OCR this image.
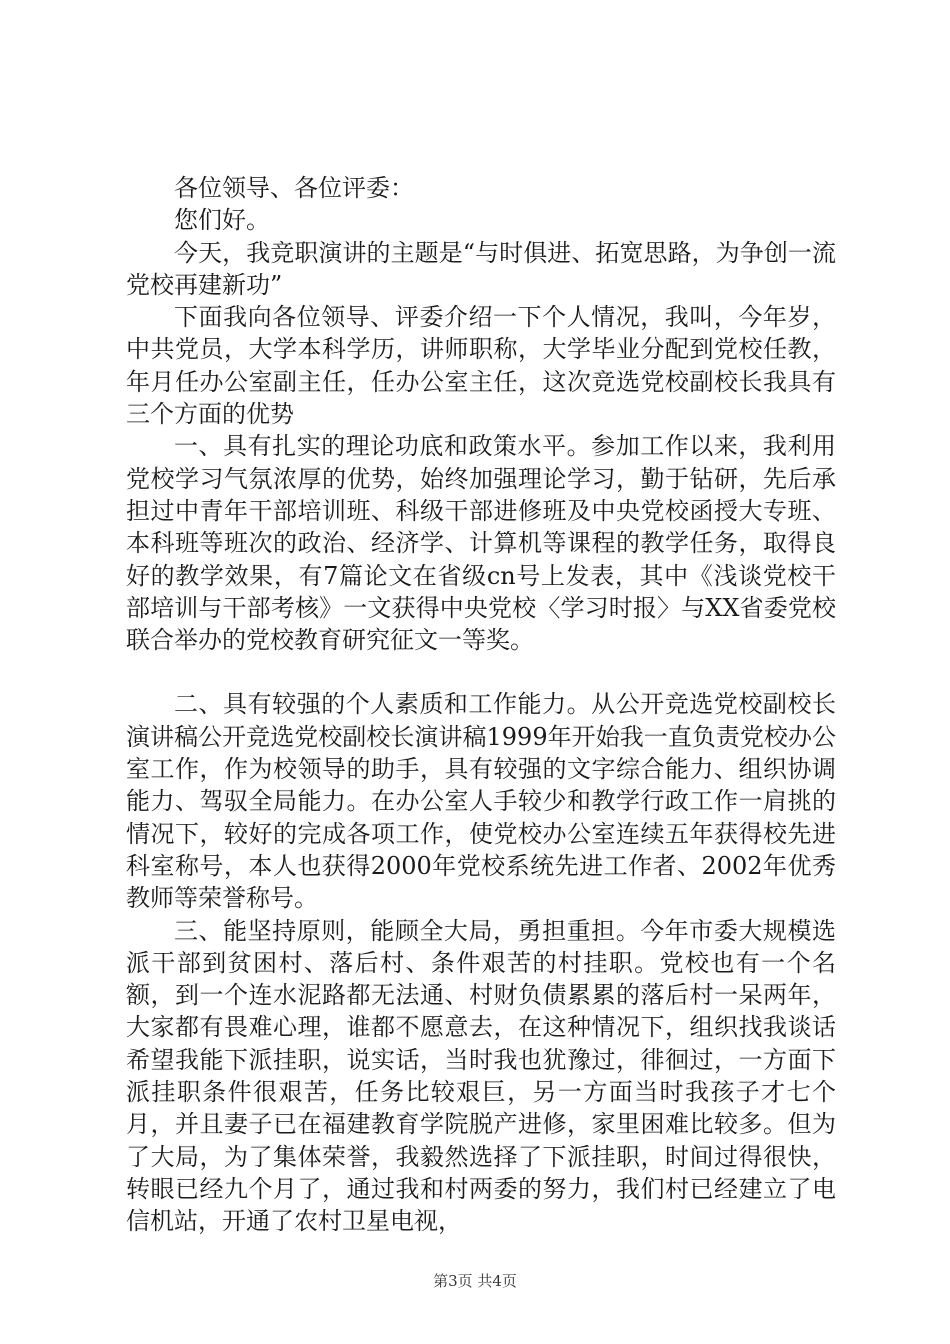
各位领导、各位评委：

您们好。

今天，我竞职演讲的主题是“与时俱进、拓宽思路，为争创一流党校再建新功”

下面我向各位领导、评委介绍一下个人情况，我叫，今年岁，中共党员，大学本科学历，讲师职称，大学毕业分配到党校任教，年月任办公室副主任，任办公室主任，这次竞选党校副校长我具有三个方面的优势

一、具有扎实的理论功底和政策水平。参加工作以来，我利用党校学习气氛浓厚的优势，始终加强理论学习，勤于钻研，先后承担过中青年干部培训班、科级干部进修班及中央党校函授大专班、本科班等班次的政治、经济学、计算机等课程的教学任务，取得良好的教学效果，有7篇论文在省级cn号上发表，其中《浅谈党校干部培训与干部考核》一文获得中央党校〈学习时报〉与XX省委党校联合举办的党校教育研究征文一等奖。

二、具有较强的个人素质和工作能力。从公开竞选党校副校长演讲稿公开竞选党校副校长演讲稿1999年开始我一直负责党校办公室工作，作为校领导的助手，具有较强的文字综合能力、组织协调能力、驾驭全局能力。在办公室人手较少和教学行政工作一肩挑的情况下，较好的完成各项工作，使党校办公室连续五年获得校先进科室称号，本人也获得2000年党校系统先进工作者、2002年优秀教师等荣誉称号。

三、能坚持原则，能顾全大局，勇担重担。今年市委大规模选派干部到贫困村、落后村、条件艰苦的村挂职。党校也有一个名额，到一个连水泥路都无法通、村财负债累累的落后村一呆两年，大家都有畏难心理，谁都不愿意去，在这种情况下，组织找我谈话希望我能下派挂职，说实话，当时我也犹豫过，徘徊过，一方面下派挂职条件很艰苦，任务比较艰巨，另一方面当时我孩子才七个月，并且妻子已在福建教育学院脱产进修，家里困难比较多。但为了大局，为了集体荣誉，我毅然选择了下派挂职，时间过得很快，转眼已经九个月了，通过我和村两委的努力，我们村已经建立了电信机站，开通了农村卫星电视，

第3页 共4页
